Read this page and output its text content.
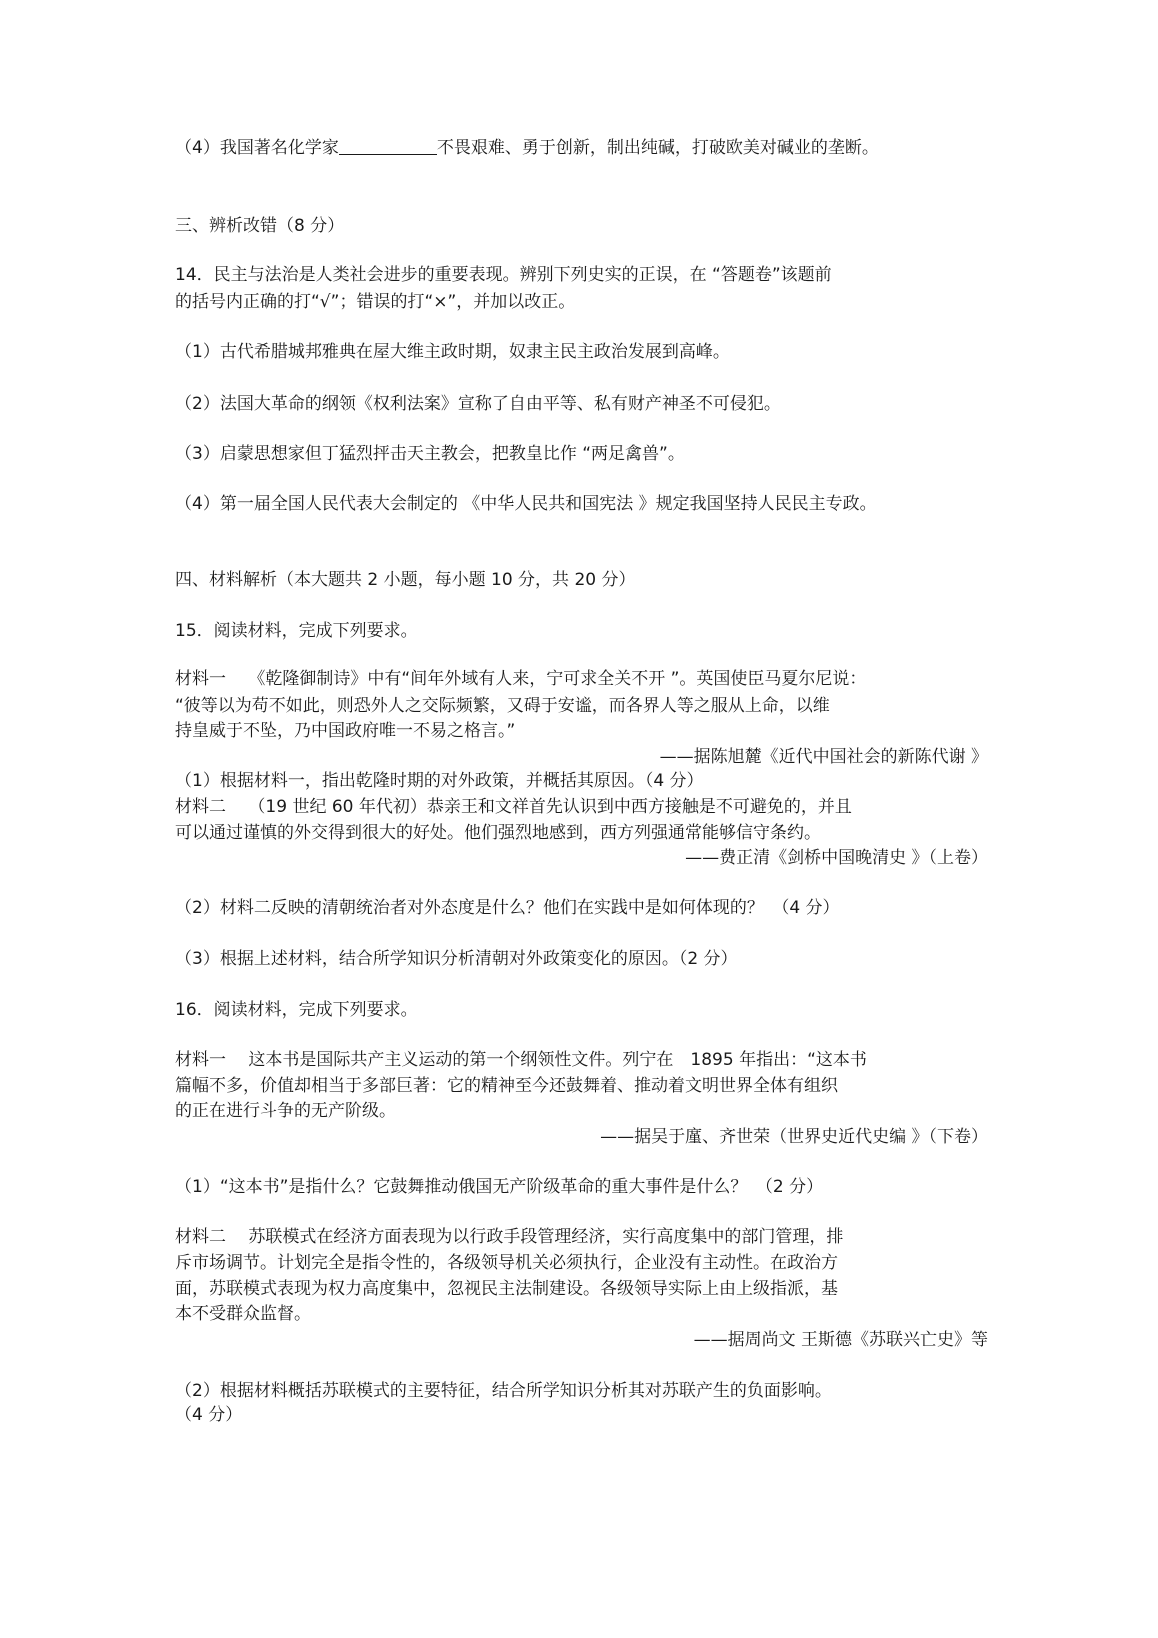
（4）我国著名化学家	不畏艰难、勇于创新，制出纯碱，打破欧美对碱业的垄断。
三、辨析改错（8 分）
14．民主与法治是人类社会进步的重要表现。辨别下列史实的正误，在 “答题卷”该题前
的括号内正确的打“√”；错误的打“×”，并加以改正。
（1）古代希腊城邦雅典在屋大维主政时期，奴隶主民主政治发展到高峰。
（2）法国大革命的纲领《权利法案》宣称了自由平等、私有财产神圣不可侵犯。
（3）启蒙思想家但丁猛烈抨击天主教会，把教皇比作 “两足禽兽”。
（4）第一届全国人民代表大会制定的 《中华人民共和国宪法 》规定我国坚持人民民主专政。
四、材料解析（本大题共 2 小题，每小题 10 分，共 20 分）
15．阅读材料，完成下列要求。
材料一　 《乾隆御制诗》中有“间年外域有人来，宁可求全关不开 ”。英国使臣马夏尔尼说：
“彼等以为苟不如此，则恐外人之交际频繁，又碍于安谧，而各界人等之服从上命，以维
持皇威于不坠，乃中国政府唯一不易之格言。”
——据陈旭麓《近代中国社会的新陈代谢 》
（1）根据材料一，指出乾隆时期的对外政策，并概括其原因。（4 分）
材料二　 （19 世纪 60 年代初）恭亲王和文祥首先认识到中西方接触是不可避免的，并且
可以通过谨慎的外交得到很大的好处。他们强烈地感到，西方列强通常能够信守条约。
——费正清《剑桥中国晚清史 》（上卷）
（2）材料二反映的清朝统治者对外态度是什么？他们在实践中是如何体现的？　（4 分）
（3）根据上述材料，结合所学知识分析清朝对外政策变化的原因。（2 分）
16．阅读材料，完成下列要求。
材料一　 这本书是国际共产主义运动的第一个纲领性文件。列宁在　1895 年指出：“这本书
篇幅不多，价值却相当于多部巨著：它的精神至今还鼓舞着、推动着文明世界全体有组织
的正在进行斗争的无产阶级。
——据吴于廑、齐世荣（世界史近代史编 》（下卷）
（1）“这本书”是指什么？它鼓舞推动俄国无产阶级革命的重大事件是什么？　（2 分）
材料二　 苏联模式在经济方面表现为以行政手段管理经济，实行高度集中的部门管理，排
斥市场调节。计划完全是指令性的，各级领导机关必须执行，企业没有主动性。在政治方
面，苏联模式表现为权力高度集中，忽视民主法制建设。各级领导实际上由上级指派，基
本不受群众监督。
——据周尚文 王斯德《苏联兴亡史》等
（2）根据材料概括苏联模式的主要特征，结合所学知识分析其对苏联产生的负面影响。
（4 分）
